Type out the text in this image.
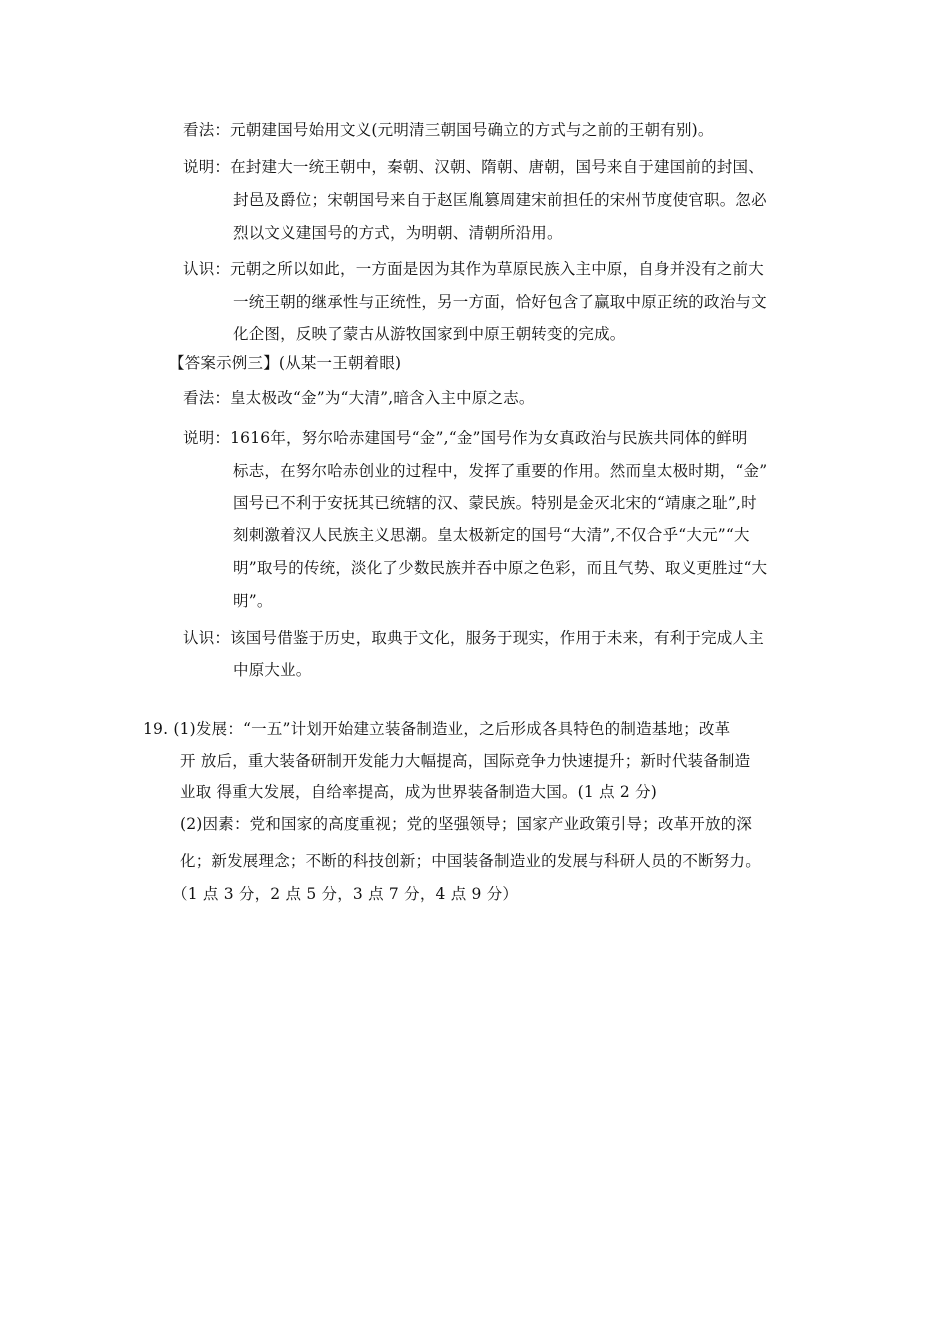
看法：元朝建国号始用文义(元明清三朝国号确立的方式与之前的王朝有别)。
说明：在封建大一统王朝中，秦朝、汉朝、隋朝、唐朝，国号来自于建国前的封国、
封邑及爵位；宋朝国号来自于赵匡胤篡周建宋前担任的宋州节度使官职。忽必
烈以文义建国号的方式，为明朝、清朝所沿用。
认识：元朝之所以如此，一方面是因为其作为草原民族入主中原，自身并没有之前大
一统王朝的继承性与正统性，另一方面，恰好包含了赢取中原正统的政治与文
化企图，反映了蒙古从游牧国家到中原王朝转变的完成。
【答案示例三】(从某一王朝着眼)
看法：皇太极改“金”为“大清”,暗含入主中原之志。
说明：1616年，努尔哈赤建国号“金”,“金”国号作为女真政治与民族共同体的鲜明
标志，在努尔哈赤创业的过程中，发挥了重要的作用。然而皇太极时期，“金”
国号已不利于安抚其已统辖的汉、蒙民族。特别是金灭北宋的“靖康之耻”,时
刻刺激着汉人民族主义思潮。皇太极新定的国号“大清”,不仅合乎“大元”“大
明”取号的传统，淡化了少数民族并吞中原之色彩，而且气势、取义更胜过“大
明”。
认识：该国号借鉴于历史，取典于文化，服务于现实，作用于未来，有利于完成人主
中原大业。
19. (1)发展：“一五”计划开始建立装备制造业，之后形成各具特色的制造基地；改革
开 放后，重大装备研制开发能力大幅提高，国际竞争力快速提升；新时代装备制造
业取 得重大发展，自给率提高，成为世界装备制造大国。(1 点 2 分)
(2)因素：党和国家的高度重视；党的坚强领导；国家产业政策引导；改革开放的深
化；新发展理念；不断的科技创新；中国装备制造业的发展与科研人员的不断努力。
（1 点 3 分，2 点 5 分，3 点 7 分，4 点 9 分）
